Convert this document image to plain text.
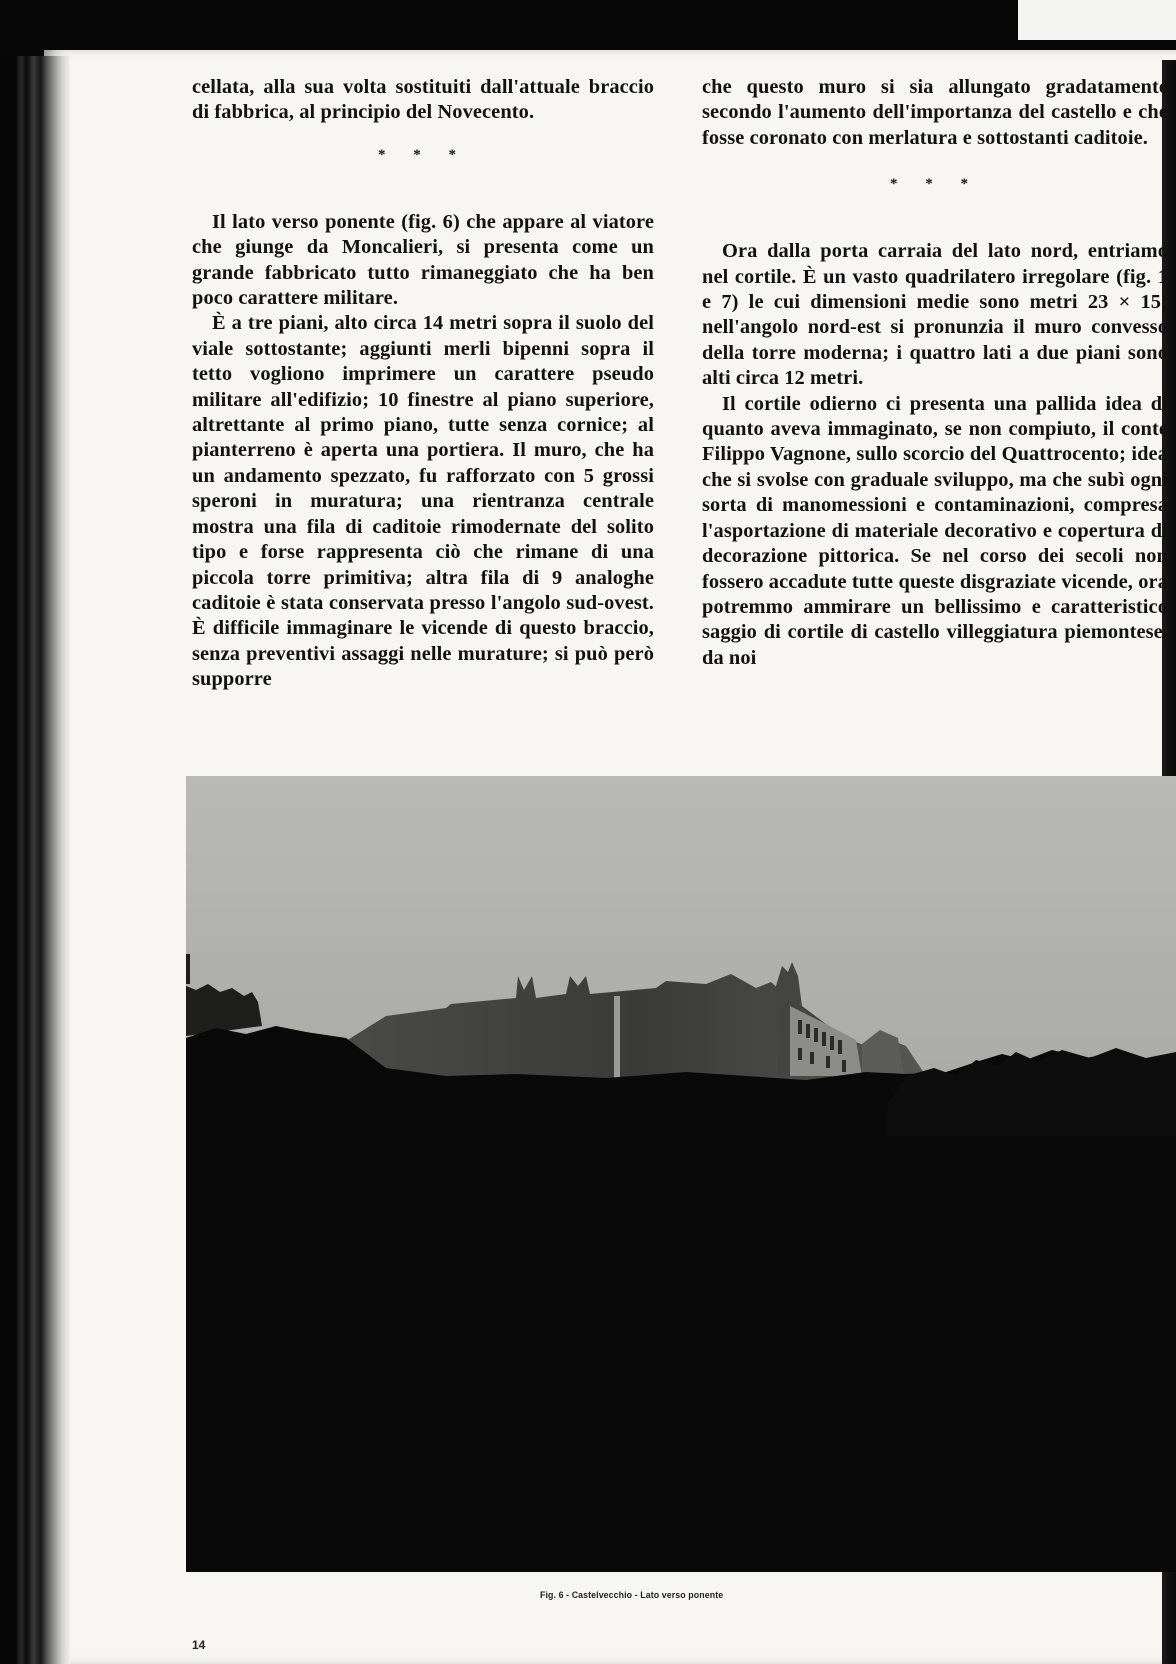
cellata, alla sua volta sostituiti dall'attuale braccio di fabbrica, al principio del Novecento.

* * *

Il lato verso ponente (fig. 6) che appare al viatore che giunge da Moncalieri, si presenta come un grande fabbricato tutto rimaneggiato che ha ben poco carattere militare.

È a tre piani, alto circa 14 metri sopra il suolo del viale sottostante; aggiunti merli bipenni sopra il tetto vogliono imprimere un carattere pseudo militare all'edifizio; 10 finestre al piano superiore, altrettante al primo piano, tutte senza cornice; al pianterreno è aperta una portiera. Il muro, che ha un andamento spezzato, fu rafforzato con 5 grossi speroni in muratura; una rientranza centrale mostra una fila di caditoie rimodernate del solito tipo e forse rappresenta ciò che rimane di una piccola torre primitiva; altra fila di 9 analoghe caditoie è stata conservata presso l'angolo sud-ovest. È difficile immaginare le vicende di questo braccio, senza preventivi assaggi nelle murature; si può però supporre

che questo muro si sia allungato gradatamente secondo l'aumento dell'importanza del castello e che fosse coronato con merlatura e sottostanti caditoie.

* * *

Ora dalla porta carraia del lato nord, entriamo nel cortile. È un vasto quadrilatero irregolare (fig. 1 e 7) le cui dimensioni medie sono metri 23 × 15; nell'angolo nord-est si pronunzia il muro convesso della torre moderna; i quattro lati a due piani sono alti circa 12 metri.

Il cortile odierno ci presenta una pallida idea di quanto aveva immaginato, se non compiuto, il conte Filippo Vagnone, sullo scorcio del Quattrocento; idea che si svolse con graduale sviluppo, ma che subì ogni sorta di manomessioni e contaminazioni, compresa l'asportazione di materiale decorativo e copertura di decorazione pittorica. Se nel corso dei secoli non fossero accadute tutte queste disgraziate vicende, ora potremmo ammirare un bellissimo e caratteristico saggio di cortile di castello villeggiatura piemontese, da noi

Fig. 6 - Castelvecchio - Lato verso ponente
14
